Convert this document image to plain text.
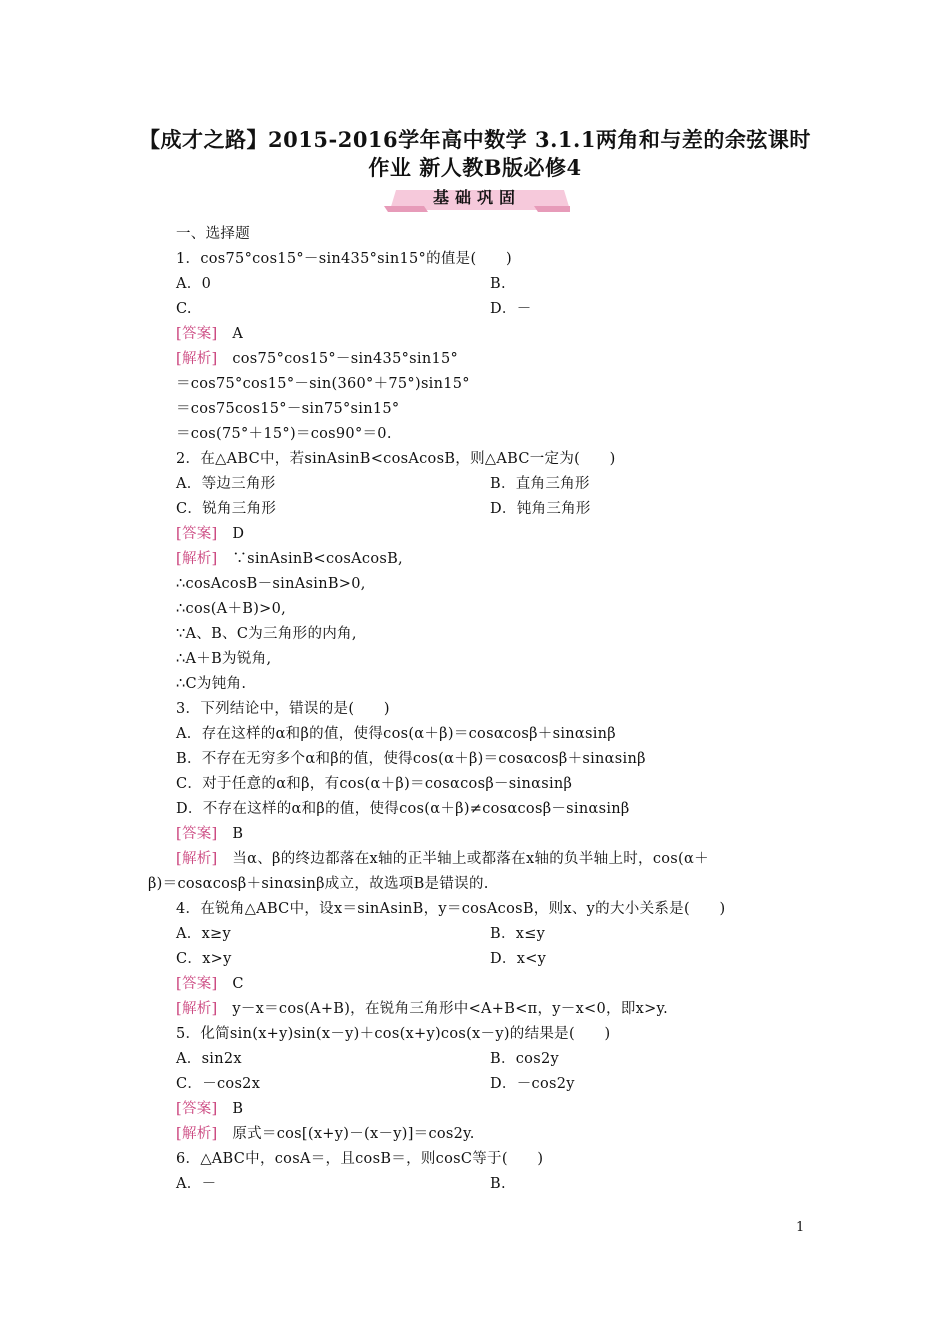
【成才之路】2015-2016学年高中数学 3.1.1两角和与差的余弦课时
作业 新人教B版必修4
基础巩固
一、选择题
1．cos75°cos15°－sin435°sin15°的值是(　　)
A．0	B.
C.	D．－
[答案]　 A
[解析]　 cos75°cos15°－sin435°sin15°
＝cos75°cos15°－sin(360°＋75°)sin15°
＝cos75cos15°－sin75°sin15°
＝cos(75°＋15°)＝cos90°＝0.
2．在△ABC中，若sinAsinB<cosAcosB，则△ABC一定为(　　)
A．等边三角形	B．直角三角形
C．锐角三角形	D．钝角三角形
[答案]　 D
[解析]　 ∵sinAsinB<cosAcosB,
∴cosAcosB－sinAsinB>0,
∴cos(A＋B)>0,
∵A、B、C为三角形的内角,
∴A＋B为锐角,
∴C为钝角.
3．下列结论中，错误的是(　　)
A．存在这样的α和β的值，使得cos(α＋β)＝cosαcosβ＋sinαsinβ
B．不存在无穷多个α和β的值，使得cos(α＋β)＝cosαcosβ＋sinαsinβ
C．对于任意的α和β，有cos(α＋β)＝cosαcosβ－sinαsinβ
D．不存在这样的α和β的值，使得cos(α＋β)≠cosαcosβ－sinαsinβ
[答案]　 B
[解析]　 当α、β的终边都落在x轴的正半轴上或都落在x轴的负半轴上时，cos(α＋
β)＝cosαcosβ＋sinαsinβ成立，故选项B是错误的.
4．在锐角△ABC中，设x＝sinAsinB，y＝cosAcosB，则x、y的大小关系是(　　)
A．x≥y	B．x≤y
C．x>y	D．x<y
[答案]　 C
[解析]　 y－x＝cos(A+B)，在锐角三角形中<A+B<π，y－x<0，即x>y.
5．化简sin(x+y)sin(x－y)＋cos(x+y)cos(x－y)的结果是(　　)
A．sin2x	B．cos2y
C．－cos2x	D．－cos2y
[答案]　 B
[解析]　 原式＝cos[(x+y)－(x－y)]＝cos2y.
6．△ABC中，cosA＝，且cosB＝，则cosC等于(　　)
A．－	B.
1
